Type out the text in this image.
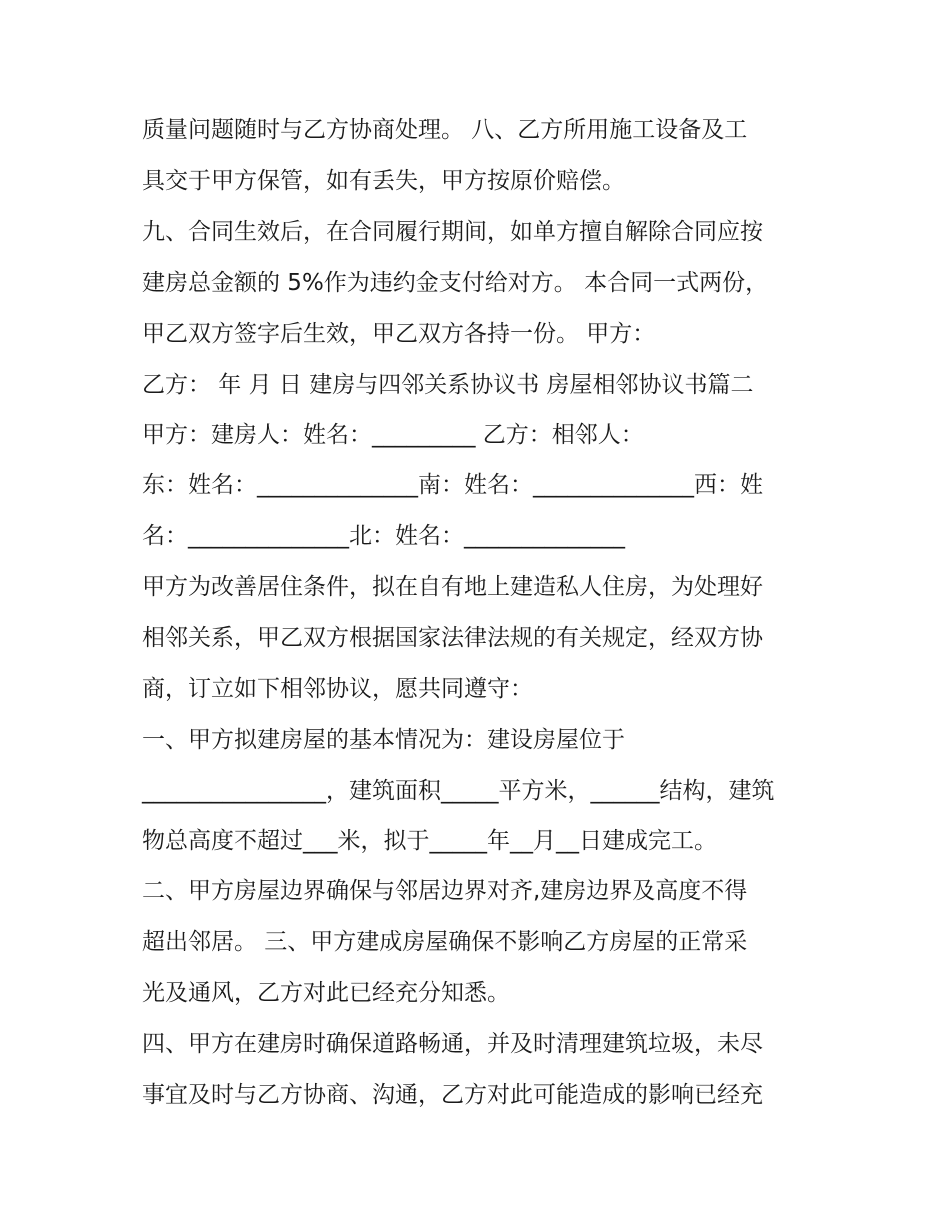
质量问题随时与乙方协商处理。 八、乙方所用施工设备及工
具交于甲方保管，如有丢失，甲方按原价赔偿。
九、合同生效后，在合同履行期间，如单方擅自解除合同应按
建房总金额的 5%作为违约金支付给对方。 本合同一式两份，
甲乙双方签字后生效，甲乙双方各持一份。 甲方：
乙方： 年 月 日 建房与四邻关系协议书 房屋相邻协议书篇二
甲方：建房人：姓名：_________ 乙方：相邻人：
东：姓名：______________南：姓名：______________西：姓
名：______________北：姓名：______________
甲方为改善居住条件，拟在自有地上建造私人住房，为处理好
相邻关系，甲乙双方根据国家法律法规的有关规定，经双方协
商，订立如下相邻协议，愿共同遵守：
一、甲方拟建房屋的基本情况为：建设房屋位于
________________，建筑面积_____平方米，______结构，建筑
物总高度不超过___米，拟于_____年__月__日建成完工。
二、甲方房屋边界确保与邻居边界对齐,建房边界及高度不得
超出邻居。 三、甲方建成房屋确保不影响乙方房屋的正常采
光及通风，乙方对此已经充分知悉。
四、甲方在建房时确保道路畅通，并及时清理建筑垃圾，未尽
事宜及时与乙方协商、沟通，乙方对此可能造成的影响已经充
